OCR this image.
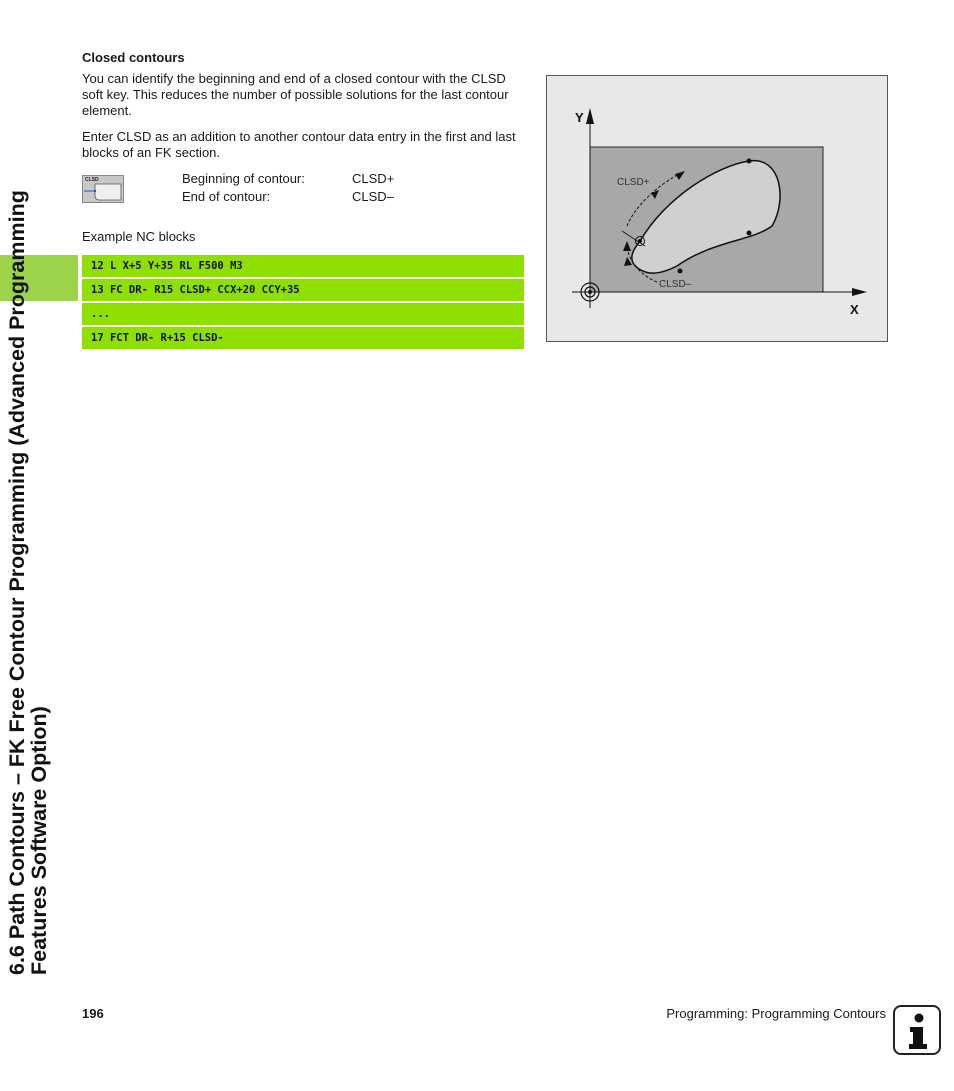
6.6 Path Contours – FK Free Contour Programming (Advanced Programming
Features Software Option)
Closed contours

You can identify the beginning and end of a closed contour with the CLSD soft key. This reduces the number of possible solutions for the last contour element.

Enter CLSD as an addition to another contour data entry in the first and last blocks of an FK section.

CLSD	Beginning of contour:	CLSD+
End of contour:	CLSD–
Example NC blocks
12 L X+5 Y+35 RL F500 M3
13 FC DR- R15 CLSD+ CCX+20 CCY+35
...
17 FCT DR- R+15 CLSD-
Y
X
CLSD+
CLSD–
196	Programming: Programming Contours
